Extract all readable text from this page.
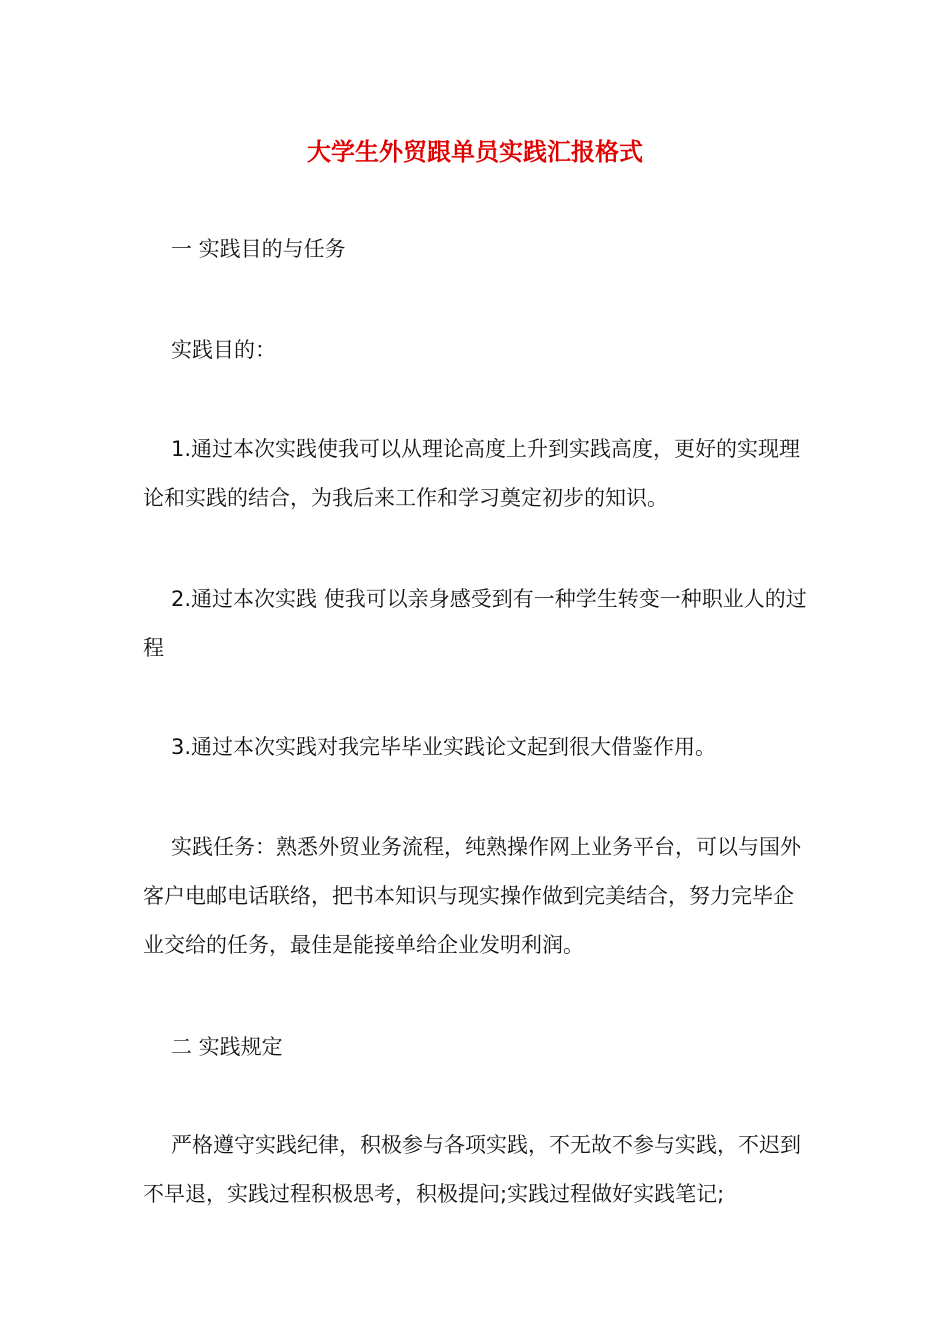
大学生外贸跟单员实践汇报格式

一 实践目的与任务

实践目的：

1.通过本次实践使我可以从理论高度上升到实践高度，更好的实现理论和实践的结合，为我后来工作和学习奠定初步的知识。

2.通过本次实践 使我可以亲身感受到有一种学生转变一种职业人的过程

3.通过本次实践对我完毕毕业实践论文起到很大借鉴作用。

实践任务：熟悉外贸业务流程，纯熟操作网上业务平台，可以与国外客户电邮电话联络，把书本知识与现实操作做到完美结合，努力完毕企业交给的任务，最佳是能接单给企业发明利润。

二 实践规定

严格遵守实践纪律，积极参与各项实践，不无故不参与实践，不迟到不早退，实践过程积极思考，积极提问;实践过程做好实践笔记;
